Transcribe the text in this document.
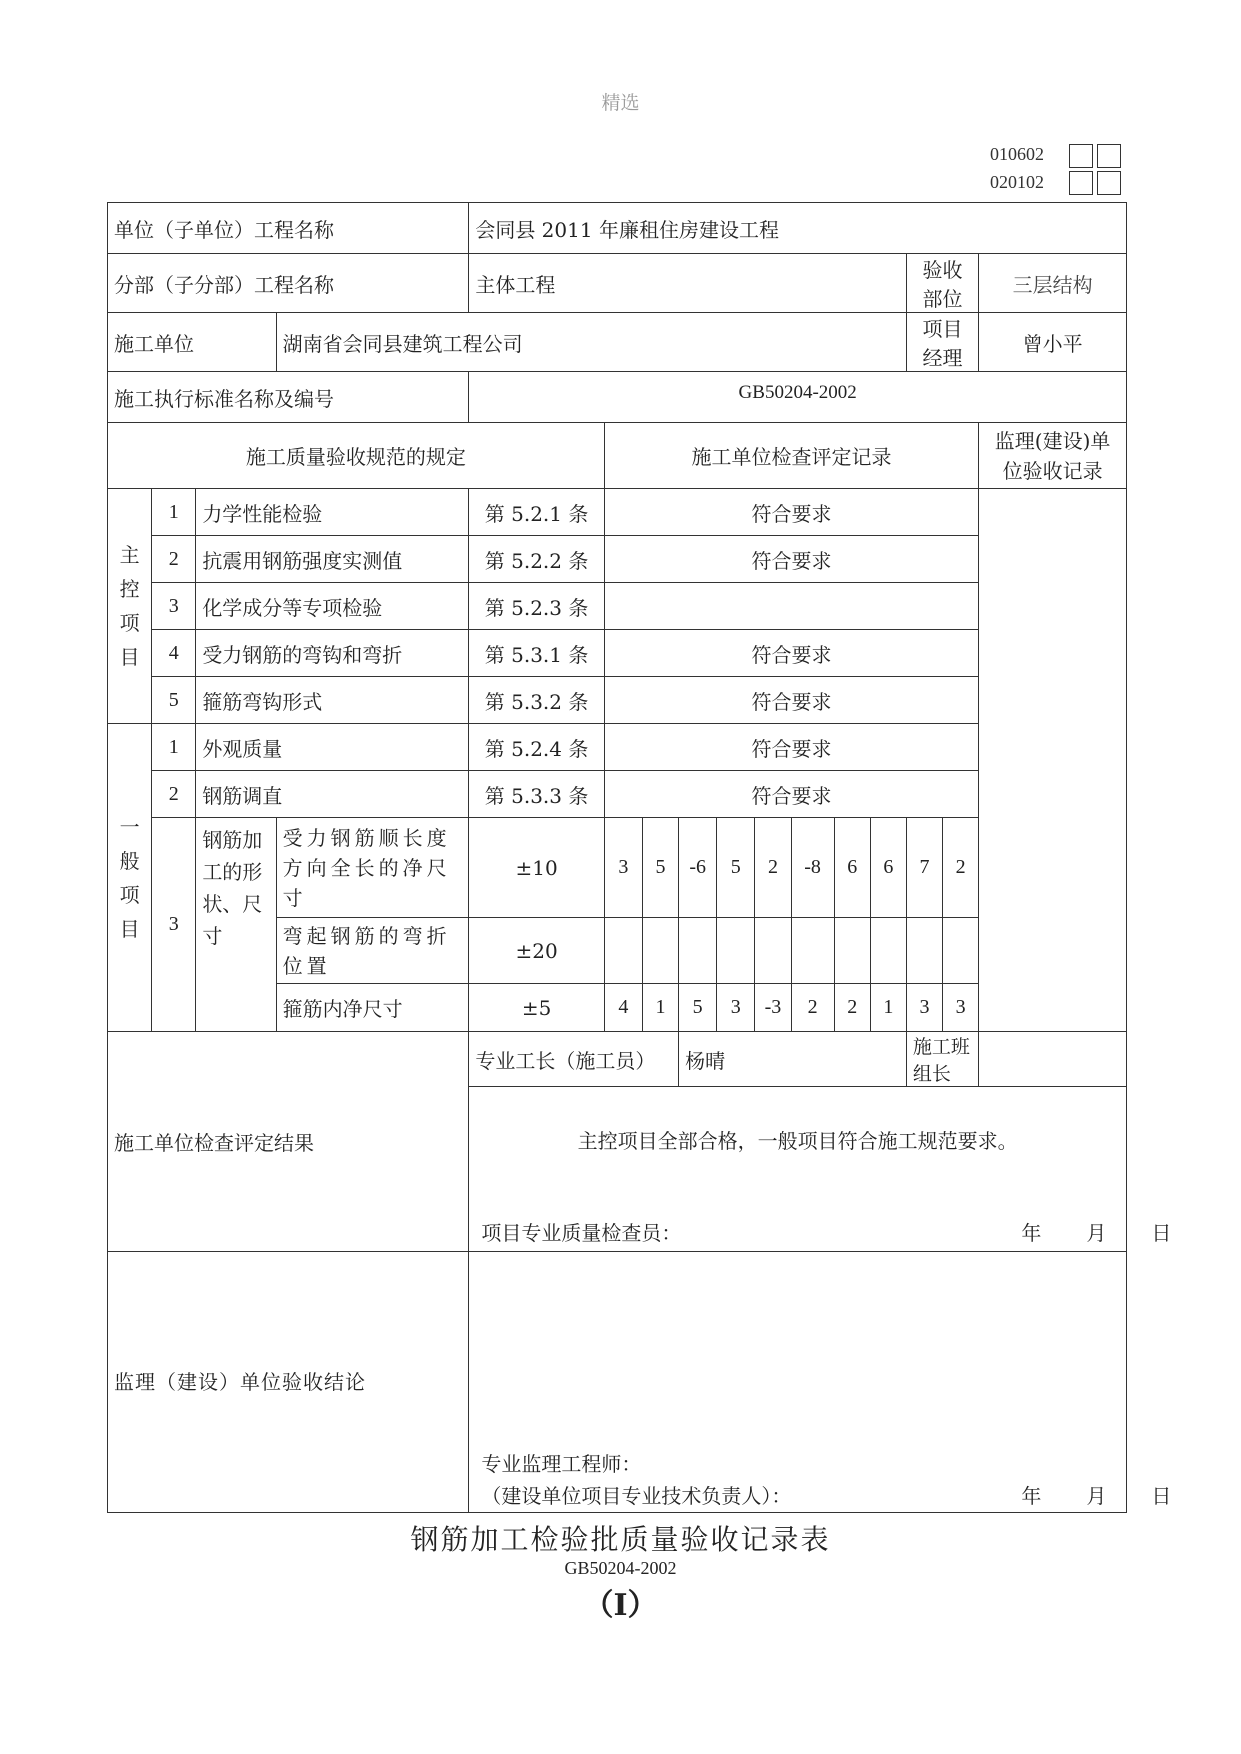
精选
010602
020102
单位（子单位）工程名称				会同县 2011 年廉租住房建设工程											
分部（子分部）工程名称				主体工程									验收部位		三层结构
施工单位			湖南省会同县建筑工程公司										项目经理		曾小平
施工执行标准名称及编号				GB50204-2002											
施工质量验收规范的规定					施工单位检查评定记录										监理(建设)单位验收记录

主
控
项
目	1	力学性能检验		第 5.2.1 条	符合要求										
	2	抗震用钢筋强度实测值		第 5.2.2 条	符合要求										
	3	化学成分等专项检验		第 5.2.3 条											
	4	受力钢筋的弯钩和弯折		第 5.3.1 条	符合要求										
	5	箍筋弯钩形式		第 5.3.2 条	符合要求										

一
般
项
目	1	外观质量		第 5.2.4 条	符合要求										
	2	钢筋调直		第 5.3.3 条	符合要求										
	3	钢筋加工的形状、尺寸	受力钢筋顺长度方向全长的净尺寸	±10	3	5	-6	5	2	-8	6	6	7	2	
			弯起钢筋的弯折位置	±20											
			箍筋内净尺寸	±5	4	1	5	3	-3	2	2	1	3	3	
施工单位检查评定结果				专业工长（施工员）			杨晴						施工班组长		

				主控项目全部合格，一般项目符合施工规范要求。
项目专业质量检查员： 年 月 日											

监理（建设）单位验收结论				专业监理工程师：
（建设单位项目专业技术负责人）： 年 月 日											
钢筋加工检验批质量验收记录表
GB50204-2002
（Ⅰ）
